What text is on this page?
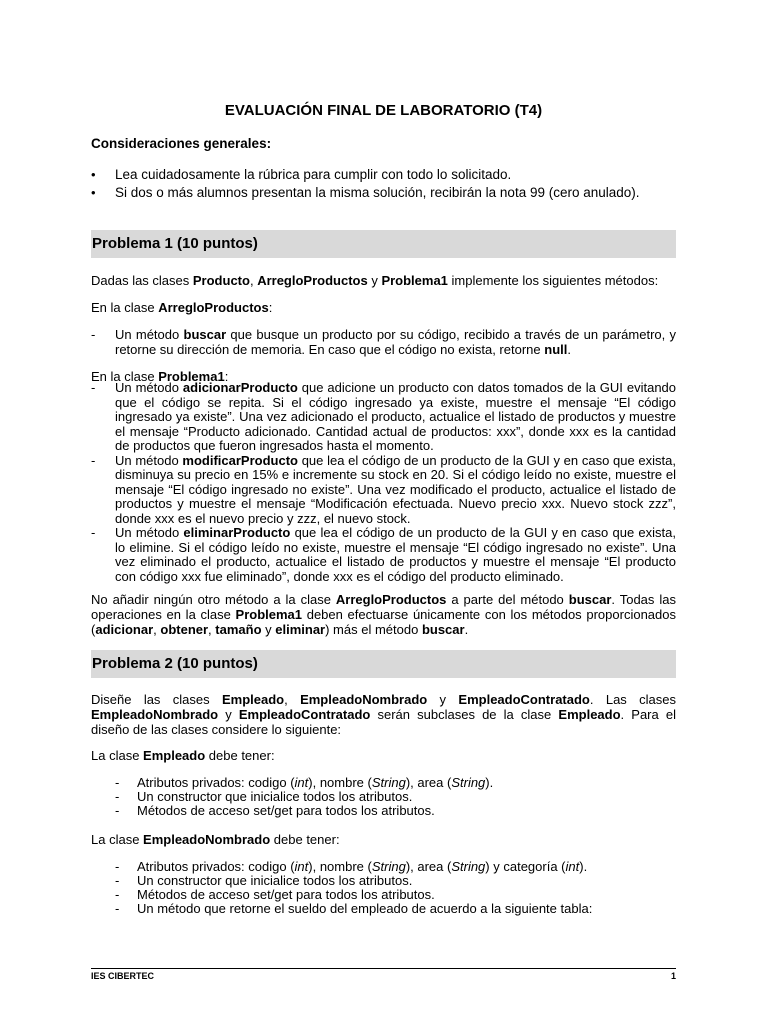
EVALUACIÓN FINAL DE LABORATORIO (T4)
Consideraciones generales:
•	Lea cuidadosamente la rúbrica para cumplir con todo lo solicitado.
•	Si dos o más alumnos presentan la misma solución, recibirán la nota 99 (cero anulado).
Problema 1 (10 puntos)
Dadas las clases Producto, ArregloProductos y Problema1 implemente los siguientes métodos:
En la clase ArregloProductos:
-	Un método buscar que busque un producto por su código, recibido a través de un parámetro, y retorne su dirección de memoria. En caso que el código no exista, retorne null.
En la clase Problema1:
-	Un método adicionarProducto que adicione un producto con datos tomados de la GUI evitando que el código se repita. Si el código ingresado ya existe, muestre el mensaje “El código ingresado ya existe”. Una vez adicionado el producto, actualice el listado de productos y muestre el mensaje “Producto adicionado. Cantidad actual de productos: xxx”, donde xxx es la cantidad de productos que fueron ingresados hasta el momento.
-	Un método modificarProducto que lea el código de un producto de la GUI y en caso que exista, disminuya su precio en 15% e incremente su stock en 20. Si el código leído no existe, muestre el mensaje “El código ingresado no existe”. Una vez modificado el producto, actualice el listado de productos y muestre el mensaje “Modificación efectuada. Nuevo precio xxx. Nuevo stock zzz”, donde xxx es el nuevo precio y zzz, el nuevo stock.
-	Un método eliminarProducto que lea el código de un producto de la GUI y en caso que exista, lo elimine. Si el código leído no existe, muestre el mensaje “El código ingresado no existe”. Una vez eliminado el producto, actualice el listado de productos y muestre el mensaje “El producto con código xxx fue eliminado”, donde xxx es el código del producto eliminado.
No añadir ningún otro método a la clase ArregloProductos a parte del método buscar. Todas las operaciones en la clase Problema1 deben efectuarse únicamente con los métodos proporcionados (adicionar, obtener, tamaño y eliminar) más el método buscar.
Problema 2 (10 puntos)
Diseñe las clases Empleado, EmpleadoNombrado y EmpleadoContratado. Las clases EmpleadoNombrado y EmpleadoContratado serán subclases de la clase Empleado. Para el diseño de las clases considere lo siguiente:
La clase Empleado debe tener:
-	Atributos privados: codigo (int), nombre (String), area (String).
-	Un constructor que inicialice todos los atributos.
-	Métodos de acceso set/get para todos los atributos.
La clase EmpleadoNombrado debe tener:
-	Atributos privados: codigo (int), nombre (String), area (String) y categoría (int).
-	Un constructor que inicialice todos los atributos.
-	Métodos de acceso set/get para todos los atributos.
-	Un método que retorne el sueldo del empleado de acuerdo a la siguiente tabla:
IES CIBERTEC	1
